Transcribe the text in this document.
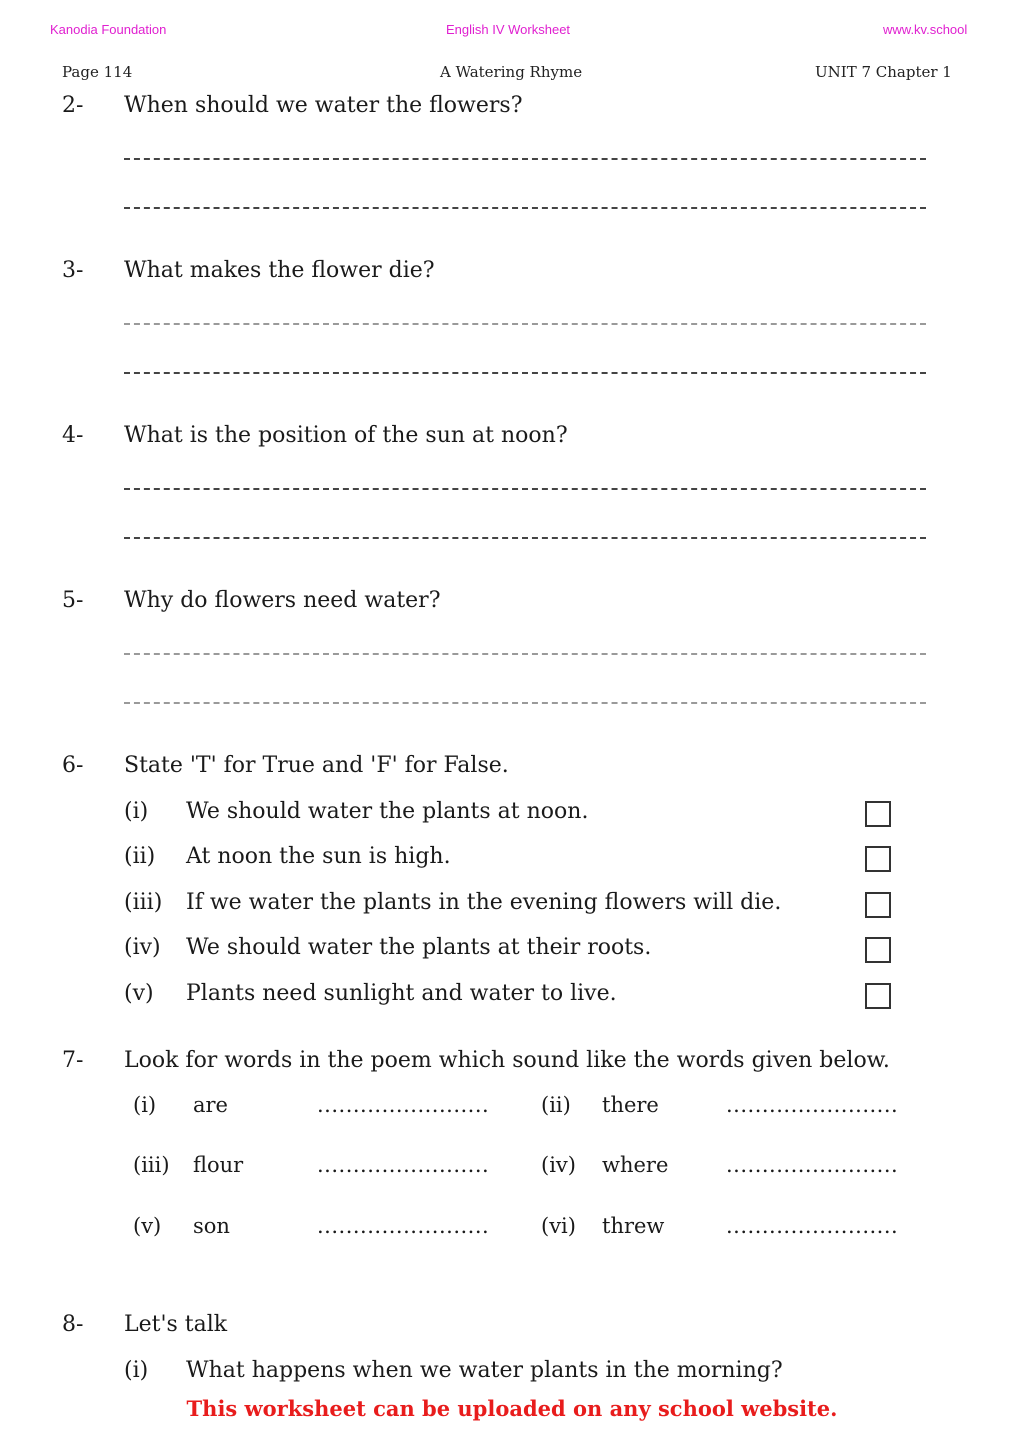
Kanodia Foundation	English IV Worksheet	www.kv.school
Page 114	A Watering Rhyme	UNIT 7 Chapter 1
2- When should we water the flowers?
3- What makes the flower die?
4- What is the position of the sun at noon?
5- Why do flowers need water?
6- State 'T' for True and 'F' for False.
(i) We should water the plants at noon.
(ii) At noon the sun is high.
(iii) If we water the plants in the evening flowers will die.
(iv) We should water the plants at their roots.
(v) Plants need sunlight and water to live.
7- Look for words in the poem which sound like the words given below.
(i) are	........................ (ii) there	........................
(iii) flour	........................ (iv) where	........................
(v) son	........................ (vi) threw	........................
8- Let's talk
(i) What happens when we water plants in the morning?
This worksheet can be uploaded on any school website.
